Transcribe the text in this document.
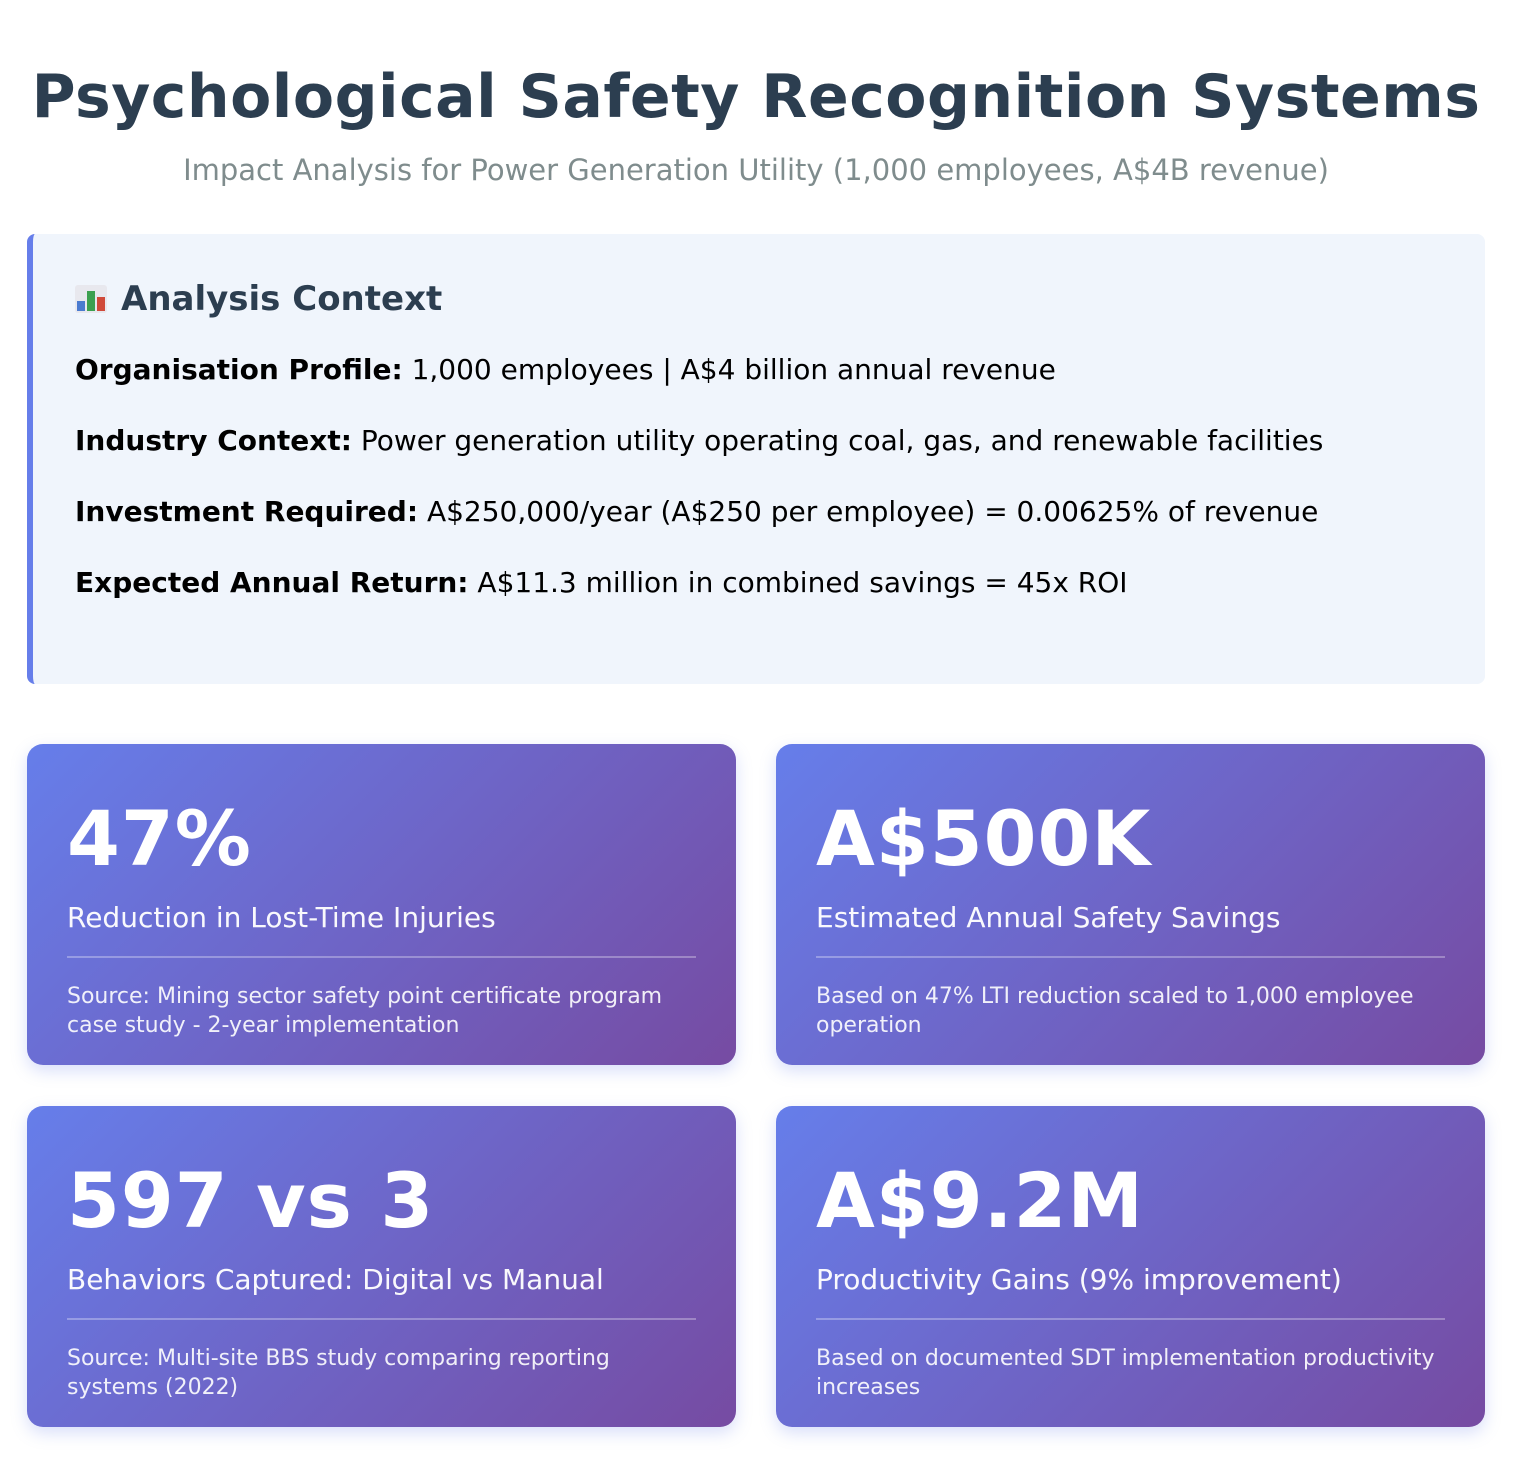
Psychological Safety Recognition Systems
Impact Analysis for Power Generation Utility (1,000 employees, A$4B revenue)
Analysis Context
Organisation Profile: 1,000 employees | A$4 billion annual revenue
Industry Context: Power generation utility operating coal, gas, and renewable facilities
Investment Required: A$250,000/year (A$250 per employee) = 0.00625% of revenue
Expected Annual Return: A$11.3 million in combined savings = 45x ROI
47%
Reduction in Lost-Time Injuries
Source: Mining sector safety point certificate program case study - 2-year implementation
A$500K
Estimated Annual Safety Savings
Based on 47% LTI reduction scaled to 1,000 employee operation
597 vs 3
Behaviors Captured: Digital vs Manual
Source: Multi-site BBS study comparing reporting systems (2022)
A$9.2M
Productivity Gains (9% improvement)
Based on documented SDT implementation productivity increases
